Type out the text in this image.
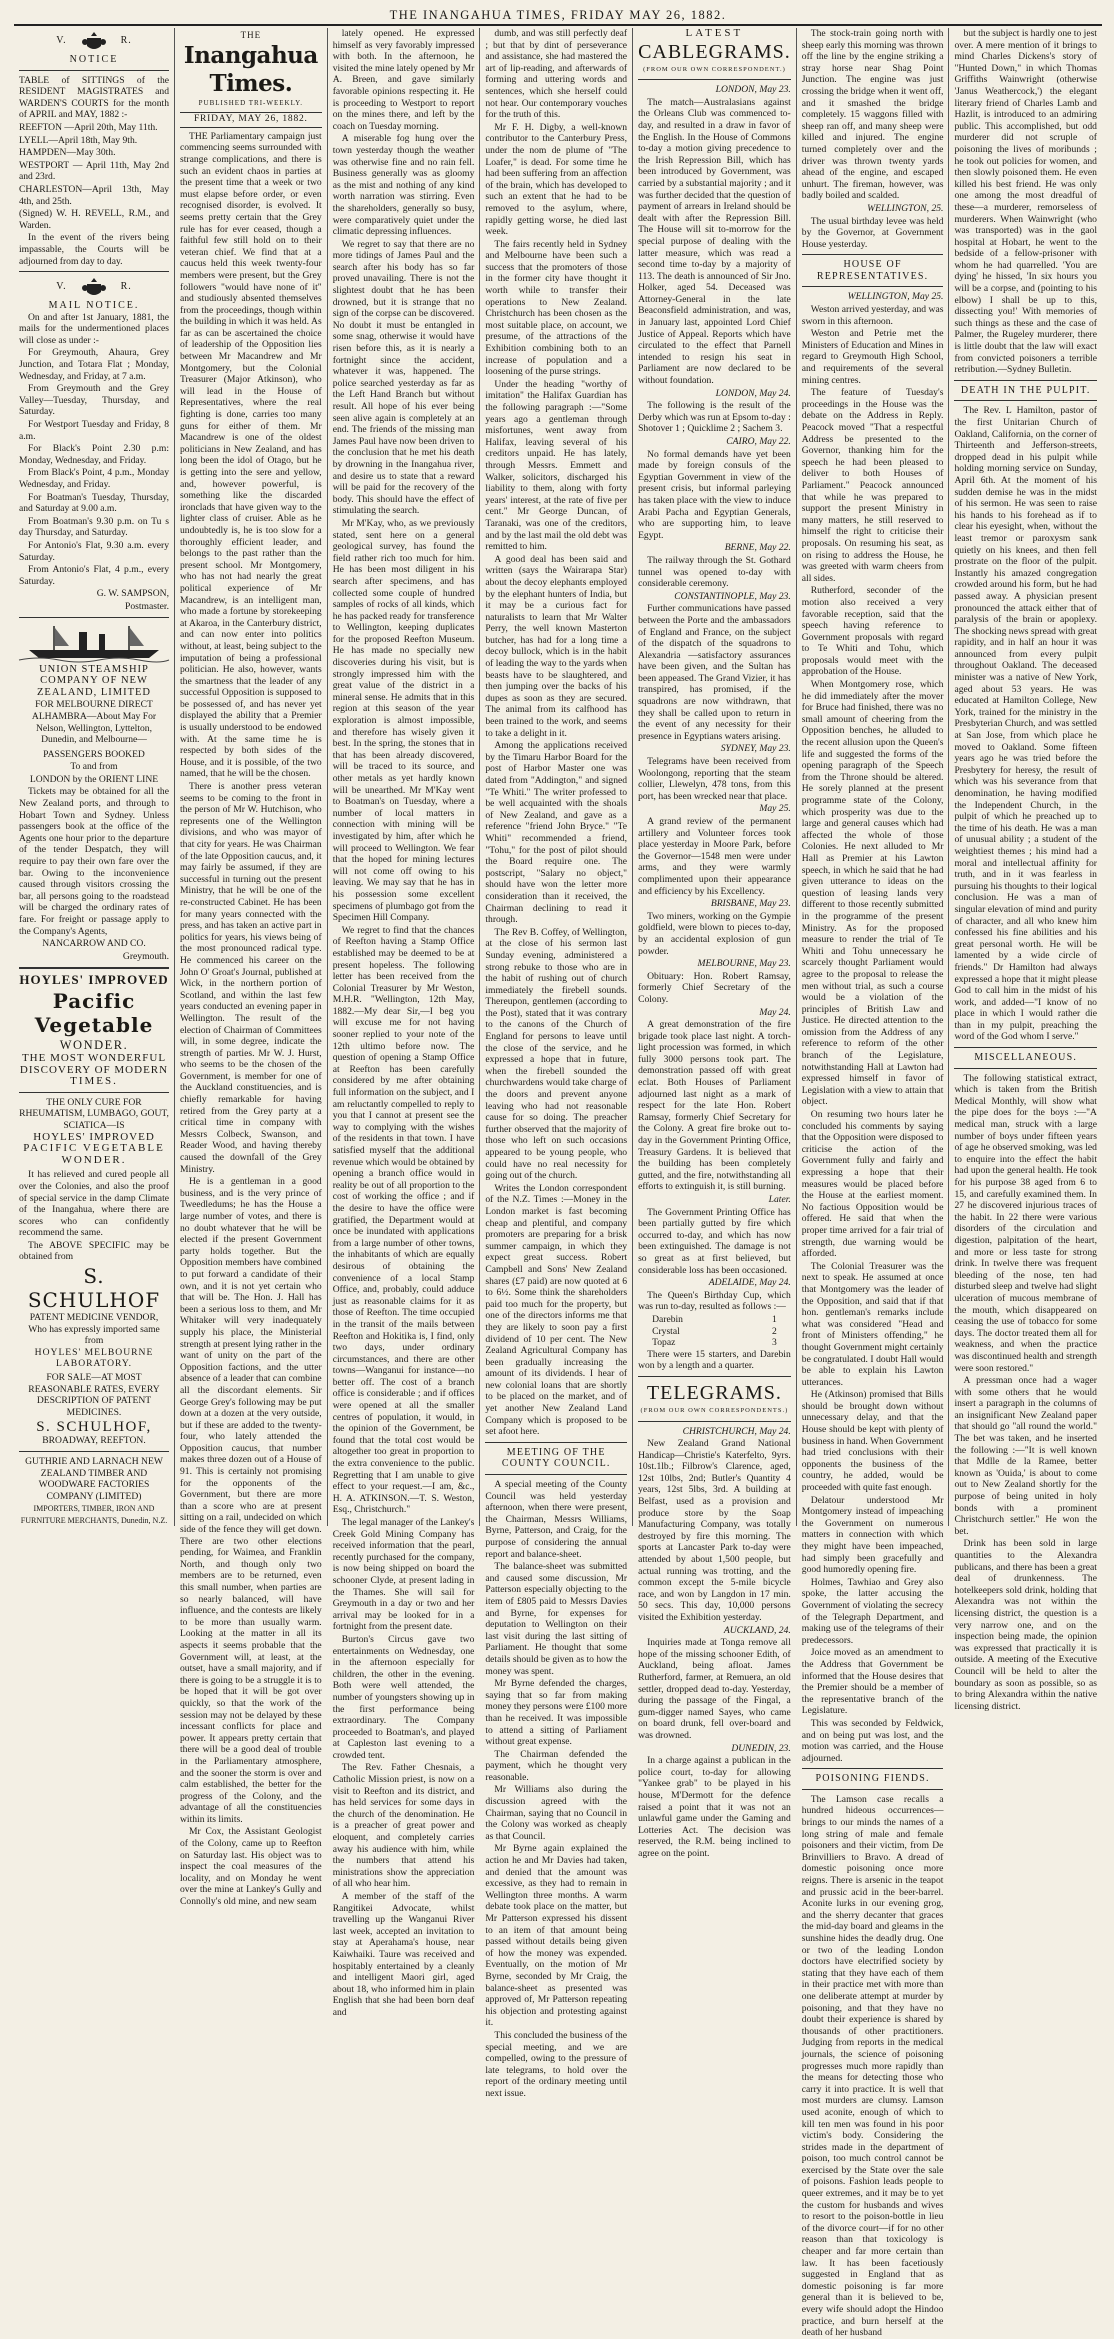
THE INANGAHUA TIMES, FRIDAY MAY 26, 1882.
V.	R.
NOTICE

TABLE of SITTINGS of the RESIDENT MAGISTRATES and WARDEN'S COURTS for the month of APRIL and MAY, 1882 :-

REEFTON —April 20th, May 11th.

LYELL—April 18th, May 9th.

HAMPDEN—May 30th.

WESTPORT — April 11th, May 2nd and 23rd.

CHARLESTON—April 13th, May 4th, and 25th.

(Signed) W. H. REVELL, R.M., and Warden.

In the event of the rivers being impassable, the Courts will be adjourned from day to day.

V.	R.
MAIL NOTICE.

On and after 1st January, 1881, the mails for the undermentioned places will close as under :-

For Greymouth, Ahaura, Grey Junction, and Totara Flat ; Monday, Wednesday, and Friday, at 7 a.m.

From Greymouth and the Grey Valley—Tuesday, Thursday, and Saturday.

For Westport Tuesday and Friday, 8 a.m.

For Black's Point 2.30 p.m: Monday, Wednesday, and Friday.

From Black's Point, 4 p.m., Monday Wednesday, and Friday.

For Boatman's Tuesday, Thursday, and Saturday at 9.00 a.m.

From Boatman's 9.30 p.m. on Tu s day Thursday, and Saturday.

For Antonio's Flat, 9.30 a.m. every Saturday.

From Antonio's Flat, 4 p.m., every Saturday.

G. W. SAMPSON,

Postmaster.

UNION STEAMSHIP COMPANY OF NEW ZEALAND, LIMITED

FOR MELBOURNE DIRECT ALHAMBRA—About May For Nelson, Wellington, Lyttelton, Dunedin, and Melbourne—

PASSENGERS BOOKED

To and from

LONDON by the ORIENT LINE

Tickets may be obtained for all the New Zealand ports, and through to Hobart Town and Sydney. Unless passengers book at the office of the Agents one hour prior to the departure of the tender Despatch, they will require to pay their own fare over the bar. Owing to the inconvenience caused through visitors crossing the bar, all persons going to the roadstead will be charged the ordinary rates of fare. For freight or passage apply to the Company's Agents,

NANCARROW AND CO.

Greymouth.

HOYLES' IMPROVED
Pacific Vegetable
WONDER.
THE MOST WONDERFUL
DISCOVERY OF MODERN
TIMES.
THE ONLY CURE FOR
RHEUMATISM, LUMBAGO, GOUT, SCIATICA—IS
HOYLES' IMPROVED
PACIFIC VEGETABLE
WONDER.

It has relieved and cured people all over the Colonies, and also the proof of special service in the damp Climate of the Inangahua, where there are scores who can confidently recommend the same.

The ABOVE SPECIFIC may be obtained from

S. SCHULHOF
PATENT MEDICINE VENDOR,
Who has expressly imported same from
HOYLES' MELBOURNE
LABORATORY.

FOR SALE—AT MOST REASONABLE RATES, EVERY DESCRIPTION OF PATENT MEDICINES.

S. SCHULHOF,
BROADWAY, REEFTON.

GUTHRIE AND LARNACH NEW ZEALAND TIMBER AND WOODWARE FACTORIES COMPANY (LIMITED)

IMPORTERS, TIMBER, IRON AND FURNITURE MERCHANTS, Dunedin, N.Z.

THE
Inangahua Times.
PUBLISHED TRI-WEEKLY.
FRIDAY, MAY 26, 1882.

THE Parliamentary campaign just commencing seems surrounded with strange complications, and there is such an evident chaos in parties at the present time that a week or two must elapse before order, or even recognised disorder, is evolved. It seems pretty certain that the Grey rule has for ever ceased, though a faithful few still hold on to their veteran chief. We find that at a caucus held this week twenty-four members were present, but the Grey followers "would have none of it" and studiously absented themselves from the proceedings, though within the building in which it was held. As far as can be ascertained the choice of leadership of the Opposition lies between Mr Macandrew and Mr Montgomery, but the Colonial Treasurer (Major Atkinson), who will lead in the House of Representatives, where the real fighting is done, carries too many guns for either of them. Mr Macandrew is one of the oldest politicians in New Zealand, and has long been the idol of Otago, but he is getting into the sere and yellow, and, however powerful, is something like the discarded ironclads that have given way to the lighter class of cruiser. Able as he undoubtedly is, he is too slow for a thoroughly efficient leader, and belongs to the past rather than the present school. Mr Montgomery, who has not had nearly the great political experience of Mr Macandrew, is an intelligent man, who made a fortune by storekeeping at Akaroa, in the Canterbury district, and can now enter into politics without, at least, being subject to the imputation of being a professional politician. He also, however, wants the smartness that the leader of any successful Opposition is supposed to be possessed of, and has never yet displayed the ability that a Premier is usually understood to be endowed with. At the same time he is respected by both sides of the House, and it is possible, of the two named, that he will be the chosen.

There is another press veteran seems to be coming to the front in the person of Mr W. Hutchison, who represents one of the Wellington divisions, and who was mayor of that city for years. He was Chairman of the late Opposition caucus, and, it may fairly be assumed, if they are successful in turning out the present Ministry, that he will be one of the re-constructed Cabinet. He has been for many years connected with the press, and has taken an active part in politics for years, his views being of the most pronounced radical type. He commenced his career on the John O' Groat's Journal, published at Wick, in the northern portion of Scotland, and within the last few years conducted an evening paper in Wellington. The result of the election of Chairman of Committees will, in some degree, indicate the strength of parties. Mr W. J. Hurst, who seems to be the chosen of the Government, is member for one of the Auckland constituencies, and is chiefly remarkable for having retired from the Grey party at a critical time in company with Messrs Colbeck, Swanson, and Reader Wood, and having thereby caused the downfall of the Grey Ministry.

He is a gentleman in a good business, and is the very prince of Tweedledums; he has the House a large number of votes, and there is no doubt whatever that he will be elected if the present Government party holds together. But the Opposition members have combined to put forward a candidate of their own, and it is not yet certain who that will be. The Hon. J. Hall has been a serious loss to them, and Mr Whitaker will very inadequately supply his place, the Ministerial strength at present lying rather in the want of unity on the part of the Opposition factions, and the utter absence of a leader that can combine all the discordant elements. Sir George Grey's following may be put down at a dozen at the very outside, but if these are added to the twenty-four, who lately attended the Opposition caucus, that number makes three dozen out of a House of 91. This is certainly not promising for the opponents of the Government, but there are more than a score who are at present sitting on a rail, undecided on which side of the fence they will get down. There are two other elections pending, for Waimea, and Franklin North, and though only two members are to be returned, even this small number, when parties are so nearly balanced, will have influence, and the contests are likely to be more than usually warm. Looking at the matter in all its aspects it seems probable that the Government will, at least, at the outset, have a small majority, and if there is going to be a struggle it is to be hoped that it will be got over quickly, so that the work of the session may not be delayed by these incessant conflicts for place and power. It appears pretty certain that there will be a good deal of trouble in the Parliamentary atmosphere, and the sooner the storm is over and calm established, the better for the progress of the Colony, and the advantage of all the constituencies within its limits.

Mr Cox, the Assistant Geologist of the Colony, came up to Reefton on Saturday last. His object was to inspect the coal measures of the locality, and on Monday he went over the mine at Lankey's Gully and Connolly's old mine, and new seam

lately opened. He expressed himself as very favorably impressed with both. In the afternoon, he visited the mine lately opened by Mr A. Breen, and gave similarly favorable opinions respecting it. He is proceeding to Westport to report on the mines there, and left by the coach on Tuesday morning.

A miserable fog hung over the town yesterday though the weather was otherwise fine and no rain fell. Business generally was as gloomy as the mist and nothing of any kind worth narration was stirring. Even the shareholders, generally so busy, were comparatively quiet under the climatic depressing influences.

We regret to say that there are no more tidings of James Paul and the search after his body has so far proved unavailing. There is not the slightest doubt that he has been drowned, but it is strange that no sign of the corpse can be discovered. No doubt it must be entangled in some snag, otherwise it would have risen before this, as it is nearly a fortnight since the accident, whatever it was, happened. The police searched yesterday as far as the Left Hand Branch but without result. All hope of his ever being seen alive again is completely at an end. The friends of the missing man James Paul have now been driven to the conclusion that he met his death by drowning in the Inangahua river, and desire us to state that a reward will be paid for the recovery of the body. This should have the effect of stimulating the search.

Mr M'Kay, who, as we previously stated, sent here on a general geological survey, has found the field rather rich too much for him. He has been most diligent in his search after specimens, and has collected some couple of hundred samples of rocks of all kinds, which he has packed ready for transference to Wellington, keeping duplicates for the proposed Reefton Museum. He has made no specially new discoveries during his visit, but is strongly impressed him with the great value of the district in a mineral sense. He admits that in this region at this season of the year exploration is almost impossible, and therefore has wisely given it best. In the spring, the stones that in that has been already discovered, will be traced to its source, and other metals as yet hardly known will be unearthed. Mr M'Kay went to Boatman's on Tuesday, where a number of local matters in connection with mining will be investigated by him, after which he will proceed to Wellington. We fear that the hoped for mining lectures will not come off owing to his leaving. We may say that he has in his possession some excellent specimens of plumbago got from the Specimen Hill Company.

We regret to find that the chances of Reefton having a Stamp Office established may be deemed to be at present hopeless. The following letter has been received from the Colonial Treasurer by Mr Weston, M.H.R. "Wellington, 12th May, 1882.—My dear Sir,—I beg you will excuse me for not having sooner replied to your note of the 12th ultimo before now. The question of opening a Stamp Office at Reefton has been carefully considered by me after obtaining full information on the subject, and I am reluctantly compelled to reply to you that I cannot at present see the way to complying with the wishes of the residents in that town. I have satisfied myself that the additional revenue which would be obtained by opening a branch office would in reality be out of all proportion to the cost of working the office ; and if the desire to have the office were gratified, the Department would at once be inundated with applications from a large number of other towns, the inhabitants of which are equally desirous of obtaining the convenience of a local Stamp Office, and, probably, could adduce just as reasonable claims for it as those of Reefton. The time occupied in the transit of the mails between Reefton and Hokitika is, I find, only two days, under ordinary circumstances, and there are other towns—Wanganui for instance—no better off. The cost of a branch office is considerable ; and if offices were opened at all the smaller centres of population, it would, in the opinion of the Government, be found that the total cost would be altogether too great in proportion to the extra convenience to the public. Regretting that I am unable to give effect to your request.—I am, &c., H. A. ATKINSON.—T. S. Weston, Esq., Christchurch."

The legal manager of the Lankey's Creek Gold Mining Company has received information that the pearl, recently purchased for the company, is now being shipped on board the schooner Clyde, at present lading in the Thames. She will sail for Greymouth in a day or two and her arrival may be looked for in a fortnight from the present date.

Burton's Circus gave two entertainments on Wednesday, one in the afternoon especially for children, the other in the evening. Both were well attended, the number of youngsters showing up in the first performance being extraordinary. The Company proceeded to Boatman's, and played at Capleston last evening to a crowded tent.

The Rev. Father Chesnais, a Catholic Mission priest, is now on a visit to Reefton and its district, and has held services for some days in the church of the denomination. He is a preacher of great power and eloquent, and completely carries away his audience with him, while the numbers that attend his ministrations show the appreciation of all who hear him.

A member of the staff of the Rangitikei Advocate, whilst travelling up the Wanganui River last week, accepted an invitation to stay at Aperahama's house, near Kaiwhaiki. Taure was received and hospitably entertained by a cleanly and intelligent Maori girl, aged about 18, who informed him in plain English that she had been born deaf and

dumb, and was still perfectly deaf ; but that by dint of perseverance and assistance, she had mastered the art of lip-reading, and afterwards of forming and uttering words and sentences, which she herself could not hear. Our contemporary vouches for the truth of this.

Mr F. H. Digby, a well-known contributor to the Canterbury Press, under the nom de plume of "The Loafer," is dead. For some time he had been suffering from an affection of the brain, which has developed to such an extent that he had to be removed to the asylum, where, rapidly getting worse, he died last week.

The fairs recently held in Sydney and Melbourne have been such a success that the promoters of those in the former city have thought it worth while to transfer their operations to New Zealand. Christchurch has been chosen as the most suitable place, on account, we presume, of the attractions of the Exhibition combining both to an increase of population and a loosening of the purse strings.

Under the heading "worthy of imitation" the Halifax Guardian has the following paragraph :—"Some years ago a gentleman through misfortunes, went away from Halifax, leaving several of his creditors unpaid. He has lately, through Messrs. Emmett and Walker, solicitors, discharged his liability to them, along with forty years' interest, at the rate of five per cent." Mr George Duncan, of Taranaki, was one of the creditors, and by the last mail the old debt was remitted to him.

A good deal has been said and written (says the Wairarapa Star) about the decoy elephants employed by the elephant hunters of India, but it may be a curious fact for naturalists to learn that Mr Walter Perry, the well known Masterton butcher, has had for a long time a decoy bullock, which is in the habit of leading the way to the yards when beasts have to be slaughtered, and then jumping over the backs of his dupes as soon as they are secured. The animal from its calfhood has been trained to the work, and seems to take a delight in it.

Among the applications received by the Timaru Harbor Board for the post of Harbor Master one was dated from "Addington," and signed "Te Whiti." The writer professed to be well acquainted with the shoals of New Zealand, and gave as a reference "friend John Bryce." "Te Whiti" recommended a friend, "Tohu," for the post of pilot should the Board require one. The postscript, "Salary no object," should have won the letter more consideration than it received, the Chairman declining to read it through.

The Rev B. Coffey, of Wellington, at the close of his sermon last Sunday evening, administered a strong rebuke to those who are in the habit of rushing out of church immediately the firebell sounds. Thereupon, gentlemen (according to the Post), stated that it was contrary to the canons of the Church of England for persons to leave until the close of the service, and he expressed a hope that in future, when the firebell sounded the churchwardens would take charge of the doors and prevent anyone leaving who had not reasonable cause for so doing. The preacher further observed that the majority of those who left on such occasions appeared to be young people, who could have no real necessity for going out of the church.

Writes the London correspondent of the N.Z. Times :—Money in the London market is fast becoming cheap and plentiful, and company promoters are preparing for a brisk summer campaign, in which they expect great success. Robert Campbell and Sons' New Zealand shares (£7 paid) are now quoted at 6 to 6½. Some think the shareholders paid too much for the property, but one of the directors informs me that they are likely to soon pay a first dividend of 10 per cent. The New Zealand Agricultural Company has been gradually increasing the amount of its dividends. I hear of new colonial loans that are shortly to be placed on the market, and of yet another New Zealand Land Company which is proposed to be set afoot here.

MEETING OF THE COUNTY COUNCIL.

A special meeting of the County Council was held yesterday afternoon, when there were present, the Chairman, Messrs Williams, Byrne, Patterson, and Craig, for the purpose of considering the annual report and balance-sheet.

The balance-sheet was submitted and caused some discussion, Mr Patterson especially objecting to the item of £805 paid to Messrs Davies and Byrne, for expenses for deputation to Wellington on their last visit during the last sitting of Parliament. He thought that some details should be given as to how the money was spent.

Mr Byrne defended the charges, saying that so far from making money they persons were £100 more than he received. It was impossible to attend a sitting of Parliament without great expense.

The Chairman defended the payment, which he thought very reasonable.

Mr Williams also during the discussion agreed with the Chairman, saying that no Council in the Colony was worked as cheaply as that Council.

Mr Byrne again explained the action he and Mr Davies had taken, and denied that the amount was excessive, as they had to remain in Wellington three months. A warm debate took place on the matter, but Mr Patterson expressed his dissent to an item of that amount being passed without details being given of how the money was expended. Eventually, on the motion of Mr Byrne, seconded by Mr Craig, the balance-sheet as presented was approved of, Mr Patterson repeating his objection and protesting against it.

This concluded the business of the special meeting, and we are compelled, owing to the pressure of late telegrams, to hold over the report of the ordinary meeting until next issue.

LATEST
CABLEGRAMS.
(FROM OUR OWN CORRESPONDENT.)

LONDON, May 23.

The match—Australasians against the Orleans Club was commenced to-day, and resulted in a draw in favor of the English. In the House of Commons to-day a motion giving precedence to the Irish Repression Bill, which has been introduced by Government, was carried by a substantial majority ; and it was further decided that the question of payment of arrears in Ireland should be dealt with after the Repression Bill. The House will sit to-morrow for the special purpose of dealing with the latter measure, which was read a second time to-day by a majority of 113. The death is announced of Sir Jno. Holker, aged 54. Deceased was Attorney-General in the late Beaconsfield administration, and was, in January last, appointed Lord Chief Justice of Appeal. Reports which have circulated to the effect that Parnell intended to resign his seat in Parliament are now declared to be without foundation.

LONDON, May 24.

The following is the result of the Derby which was run at Epsom to-day : Shotover 1 ; Quicklime 2 ; Sachem 3.

CAIRO, May 22.

No formal demands have yet been made by foreign consuls of the Egyptian Government in view of the present crisis, but informal parleying has taken place with the view to induce Arabi Pacha and Egyptian Generals, who are supporting him, to leave Egypt.

BERNE, May 22.

The railway through the St. Gothard tunnel was opened to-day with considerable ceremony.

CONSTANTINOPLE, May 23.

Further communications have passed between the Porte and the ambassadors of England and France, on the subject of the dispatch of the squadrons to Alexandria —satisfactory assurances have been given, and the Sultan has been appeased. The Grand Vizier, it has transpired, has promised, if the squadrons are now withdrawn, that they shall be called upon to return in the event of any necessity for their presence in Egyptians waters arising.

SYDNEY, May 23.

Telegrams have been received from Woolongong, reporting that the steam collier, Llewelyn, 478 tons, from this port, has been wrecked near that place.

May 25.

A grand review of the permanent artillery and Volunteer forces took place yesterday in Moore Park, before the Governor—1548 men were under arms, and they were warmly complimented upon their appearance and efficiency by his Excellency.

BRISBANE, May 23.

Two miners, working on the Gympie goldfield, were blown to pieces to-day, by an accidental explosion of gun powder.

MELBOURNE, May 23.

Obituary: Hon. Robert Ramsay, formerly Chief Secretary of the Colony.

May 24.

A great demonstration of the fire brigade took place last night. A torch-light procession was formed, in which fully 3000 persons took part. The demonstration passed off with great eclat. Both Houses of Parliament adjourned last night as a mark of respect for the late Hon. Robert Ramsay, formerly Chief Secretary for the Colony. A great fire broke out to-day in the Government Printing Office, Treasury Gardens. It is believed that the building has been completely gutted, and the fire, notwithstanding all efforts to extinguish it, is still burning.

Later.

The Government Printing Office has been partially gutted by fire which occurred to-day, and which has now been extinguished. The damage is not so great as at first believed, but considerable loss has been occasioned.

ADELAIDE, May 24.

The Queen's Birthday Cup, which was run to-day, resulted as follows :—

Darebin	1
Crystal	2
Topaz	3

There were 15 starters, and Darebin won by a length and a quarter.

TELEGRAMS.
(FROM OUR OWN CORRESPONDENTS.)

CHRISTCHURCH, May 24.

New Zealand Grand National Handicap—Christie's Katerfelto, 9yrs. 10st.1lb.; Filbrow's Clarence, aged, 12st 10lbs, 2nd; Butler's Quantity 4 years, 12st 5lbs, 3rd. A building at Belfast, used as a provision and produce store by the Soap Manufacturing Company, was totally destroyed by fire this morning. The sports at Lancaster Park to-day were attended by about 1,500 people, but actual running was trotting, and the common except the 5-mile bicycle race, and won by Langdon in 17 min. 50 secs. This day, 10,000 persons visited the Exhibition yesterday.

AUCKLAND, 24.

Inquiries made at Tonga remove all hope of the missing schooner Edith, of Auckland, being afloat. James Rutherford, farmer, at Remuera, an old settler, dropped dead to-day. Yesterday, during the passage of the Fingal, a gum-digger named Sayes, who came on board drunk, fell over-board and was drowned.

DUNEDIN, 23.

In a charge against a publican in the police court, to-day for allowing "Yankee grab" to be played in his house, M'Dermott for the defence raised a point that it was not an unlawful game under the Gaming and Lotteries Act. The decision was reserved, the R.M. being inclined to agree on the point.

The stock-train going north with sheep early this morning was thrown off the line by the engine striking a stray horse near Shag Point Junction. The engine was just crossing the bridge when it went off, and it smashed the bridge completely. 15 waggons filled with sheep ran off, and many sheep were killed and injured. The engine turned completely over and the driver was thrown twenty yards ahead of the engine, and escaped unhurt. The fireman, however, was badly boiled and scalded.

WELLINGTON, 25.

The usual birthday levee was held by the Governor, at Government House yesterday.

HOUSE OF REPRESENTATIVES.

WELLINGTON, May 25.

Weston arrived yesterday, and was sworn in this afternoon.

Weston and Petrie met the Ministers of Education and Mines in regard to Greymouth High School, and requirements of the several mining centres.

The feature of Tuesday's proceedings in the House was the debate on the Address in Reply. Peacock moved "That a respectful Address be presented to the Governor, thanking him for the speech he had been pleased to deliver to both Houses of Parliament." Peacock announced that while he was prepared to support the present Ministry in many matters, he still reserved to himself the right to criticise their proposals. On resuming his seat, as on rising to address the House, he was greeted with warm cheers from all sides.

Rutherford, seconder of the motion also received a very favorable reception, said that the speech having reference to Government proposals with regard to Te Whiti and Tohu, which proposals would meet with the approbation of the House.

When Montgomery rose, which he did immediately after the mover for Bruce had finished, there was no small amount of cheering from the Opposition benches, he alluded to the recent allusion upon the Queen's life and suggested the forms of the opening paragraph of the Speech from the Throne should be altered. He sorely planned at the present programme state of the Colony, which prosperity was due to the large and general causes which had affected the whole of those Colonies. He next alluded to Mr Hall as Premier at his Lawton speech, in which he said that he had given utterance to ideas on the question of leasing lands very different to those recently submitted in the programme of the present Ministry. As for the proposed measure to render the trial of Te Whiti and Tohu unnecessary he scarcely thought Parliament would agree to the proposal to release the men without trial, as such a course would be a violation of the principles of British Law and Justice. He directed attention to the omission from the Address of any reference to reform of the other branch of the Legislature, notwithstanding Hall at Lawton had expressed himself in favor of Legislation with a view to attain that object.

On resuming two hours later he concluded his comments by saying that the Opposition were disposed to criticise the action of the Government fully and fairly and expressing a hope that their measures would be placed before the House at the earliest moment. No factious Opposition would be offered. He said that when the proper time arrived for a fair trial of strength, due warning would be afforded.

The Colonial Treasurer was the next to speak. He assumed at once that Montgomery was the leader of the Opposition, and said that if that hon. gentleman's remarks include what was considered "Head and front of Ministers offending," he thought Government might certainly be congratulated. I doubt Hall would be able to explain his Lawton utterances.

He (Atkinson) promised that Bills should be brought down without unnecessary delay, and that the House should be kept with plenty of business in hand. When Government had tried conclusions with their opponents the business of the country, he added, would be proceeded with quite fast enough.

Delatour understood Mr Montgomery instead of impeaching the Government on numerous matters in connection with which they might have been impeached, had simply been gracefully and good humoredly opening fire.

Holmes, Tawhiao and Grey also spoke, the latter accusing the Government of violating the secrecy of the Telegraph Department, and making use of the telegrams of their predecessors.

Joice moved as an amendment to the Address that Government be informed that the House desires that the Premier should be a member of the representative branch of the Legislature.

This was seconded by Feldwick, and on being put was lost, and the motion was carried, and the House adjourned.

POISONING FIENDS.

The Lamson case recalls a hundred hideous occurrences—brings to our minds the names of a long string of male and female poisoners and their victim, from De Brinvilliers to Bravo. A dread of domestic poisoning once more reigns. There is arsenic in the teapot and prussic acid in the beer-barrel. Aconite lurks in our evening grog, and the sherry decanter that graces the mid-day board and gleams in the sunshine hides the deadly drug. One or two of the leading London doctors have electrified society by stating that they have each of them in their practice met with more than one deliberate attempt at murder by poisoning, and that they have no doubt their experience is shared by thousands of other practitioners. Judging from reports in the medical journals, the science of poisoning progresses much more rapidly than the means for detecting those who carry it into practice. It is well that most murders are clumsy. Lamson used aconite, enough of which to kill ten men was found in his poor victim's body. Considering the strides made in the department of poison, too much control cannot be exercised by the State over the sale of poisons. Fashion leads people to queer extremes, and it may be to yet the custom for husbands and wives to resort to the poison-bottle in lieu of the divorce court—if for no other reason than that toxicology is cheaper and far more certain than law. It has been facetiously suggested in England that as domestic poisoning is far more general than it is believed to be, every wife should adopt the Hindoo practice, and burn herself at the death of her husband

but the subject is hardly one to jest over. A mere mention of it brings to mind Charles Dickens's story of "Hunted Down," in which Thomas Griffiths Wainwright (otherwise 'Janus Weathercock,') the elegant literary friend of Charles Lamb and Hazlit, is introduced to an admiring public. This accomplished, but odd murderer did not scruple of poisoning the lives of moribunds ; he took out policies for women, and then slowly poisoned them. He even killed his best friend. He was only one among the most dreadful of these—a murderer, remorseless of murderers. When Wainwright (who was transported) was in the gaol hospital at Hobart, he went to the bedside of a fellow-prisoner with whom he had quarrelled. 'You are dying' he hissed, 'In six hours you will be a corpse, and (pointing to his elbow) I shall be up to this, dissecting you!' With memories of such things as these and the case of Palmer, the Rugeley murderer, there is little doubt that the law will exact from convicted poisoners a terrible retribution.—Sydney Bulletin.

DEATH IN THE PULPIT.

The Rev. L Hamilton, pastor of the first Unitarian Church of Oakland, California, on the corner of Thirteenth and Jefferson-streets, dropped dead in his pulpit while holding morning service on Sunday, April 6th. At the moment of his sudden demise he was in the midst of his sermon. He was seen to raise his hands to his forehead as if to clear his eyesight, when, without the least tremor or paroxysm sank quietly on his knees, and then fell prostrate on the floor of the pulpit. Instantly his amazed congregation crowded around his form, but he had passed away. A physician present pronounced the attack either that of paralysis of the brain or apoplexy. The shocking news spread with great rapidity, and in half an hour it was announced from every pulpit throughout Oakland. The deceased minister was a native of New York, aged about 53 years. He was educated at Hamilton College, New York, trained for the ministry in the Presbyterian Church, and was settled at San Jose, from which place he moved to Oakland. Some fifteen years ago he was tried before the Presbytery for heresy, the result of which was his severance from that denomination, he having modified the Independent Church, in the pulpit of which he preached up to the time of his death. He was a man of unusual ability ; a student of the weightiest themes ; his mind had a moral and intellectual affinity for truth, and in it was fearless in pursuing his thoughts to their logical conclusion. He was a man of singular elevation of mind and purity of character, and all who knew him confessed his fine abilities and his great personal worth. He will be lamented by a wide circle of friends." Dr Hamilton had always expressed a hope that it might please God to call him in the midst of his work, and added—"I know of no place in which I would rather die than in my pulpit, preaching the word of the God whom I serve."

MISCELLANEOUS.

The following statistical extract, which is taken from the British Medical Monthly, will show what the pipe does for the boys :—"A medical man, struck with a large number of boys under fifteen years of age he observed smoking, was led to enquire into the effect the habit had upon the general health. He took for his purpose 38 aged from 6 to 15, and carefully examined them. In 27 he discovered injurious traces of the habit. In 22 there were various disorders of the circulation and digestion, palpitation of the heart, and more or less taste for strong drink. In twelve there was frequent bleeding of the nose, ten had disturbed sleep and twelve had slight ulceration of mucous membrane of the mouth, which disappeared on ceasing the use of tobacco for some days. The doctor treated them all for weakness, and when the practice was discontinued health and strength were soon restored."

A pressman once had a wager with some others that he would insert a paragraph in the columns of an insignificant New Zealand paper that should go "all round the world." The bet was taken, and he inserted the following :—"It is well known that Mdlle de la Ramee, better known as 'Ouida,' is about to come out to New Zealand shortly for the purpose of being united in holy bonds with a prominent Christchurch settler." He won the bet.

Drink has been sold in large quantities to the Alexandra publicans, and there has been a great deal of drunkenness. The hotelkeepers sold drink, holding that Alexandra was not within the licensing district, the question is a very narrow one, and on the inspection being made, the opinion was expressed that practically it is outside. A meeting of the Executive Council will be held to alter the boundary as soon as possible, so as to bring Alexandra within the native licensing district.
